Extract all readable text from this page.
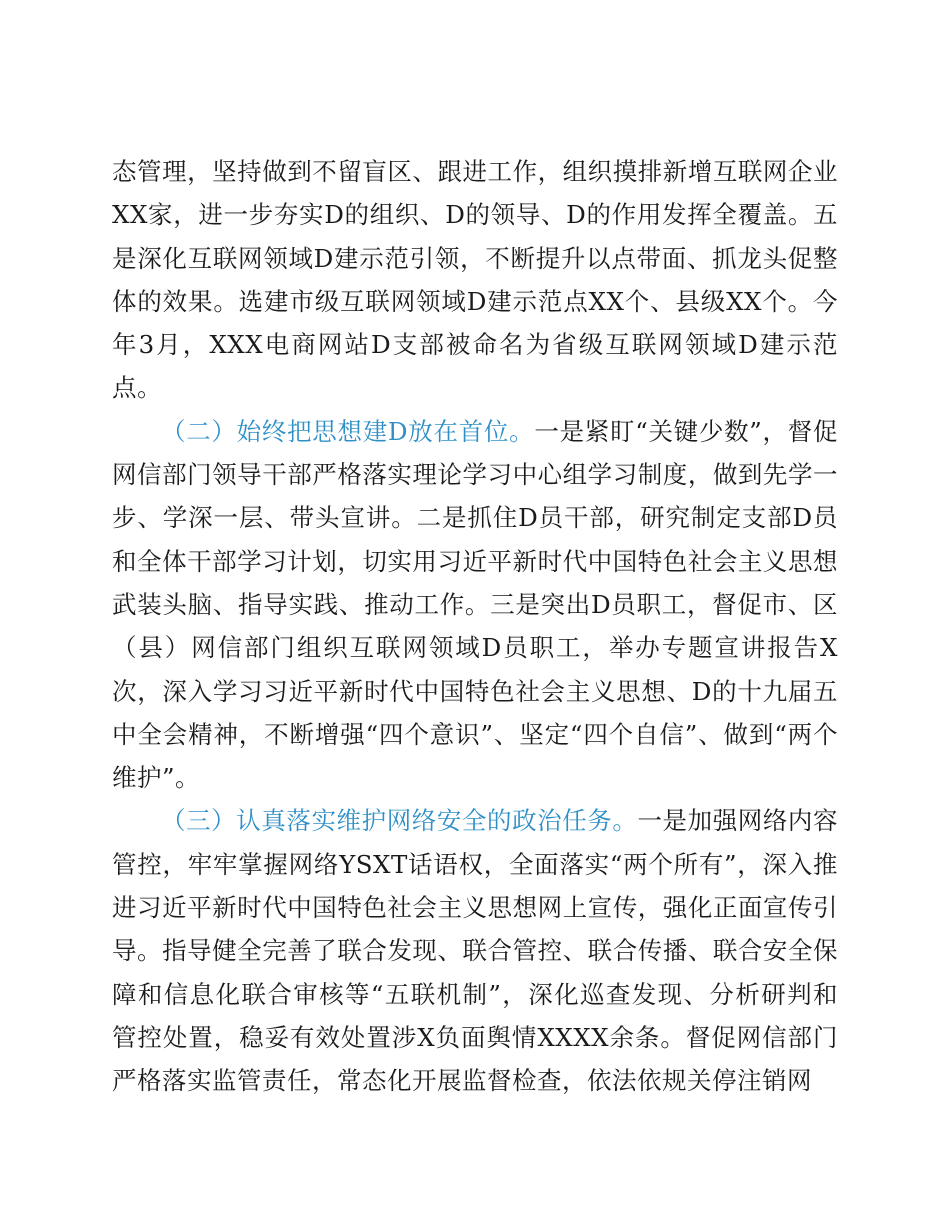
态管理，坚持做到不留盲区、跟进工作，组织摸排新增互联网企业XX家，进一步夯实D的组织、D的领导、D的作用发挥全覆盖。五是深化互联网领域D建示范引领，不断提升以点带面、抓龙头促整体的效果。选建市级互联网领域D建示范点XX个、县级XX个。今年3月，XXX电商网站D支部被命名为省级互联网领域D建示范点。

（二）始终把思想建D放在首位。一是紧盯“关键少数”，督促网信部门领导干部严格落实理论学习中心组学习制度，做到先学一步、学深一层、带头宣讲。二是抓住D员干部，研究制定支部D员和全体干部学习计划，切实用习近平新时代中国特色社会主义思想武装头脑、指导实践、推动工作。三是突出D员职工，督促市、区（县）网信部门组织互联网领域D员职工，举办专题宣讲报告X次，深入学习习近平新时代中国特色社会主义思想、D的十九届五中全会精神，不断增强“四个意识”、坚定“四个自信”、做到“两个维护”。

（三）认真落实维护网络安全的政治任务。一是加强网络内容管控，牢牢掌握网络YSXT话语权，全面落实“两个所有”，深入推进习近平新时代中国特色社会主义思想网上宣传，强化正面宣传引导。指导健全完善了联合发现、联合管控、联合传播、联合安全保障和信息化联合审核等“五联机制”，深化巡查发现、分析研判和管控处置，稳妥有效处置涉X负面舆情XXXX余条。督促网信部门严格落实监管责任，常态化开展监督检查，依法依规关停注销网
